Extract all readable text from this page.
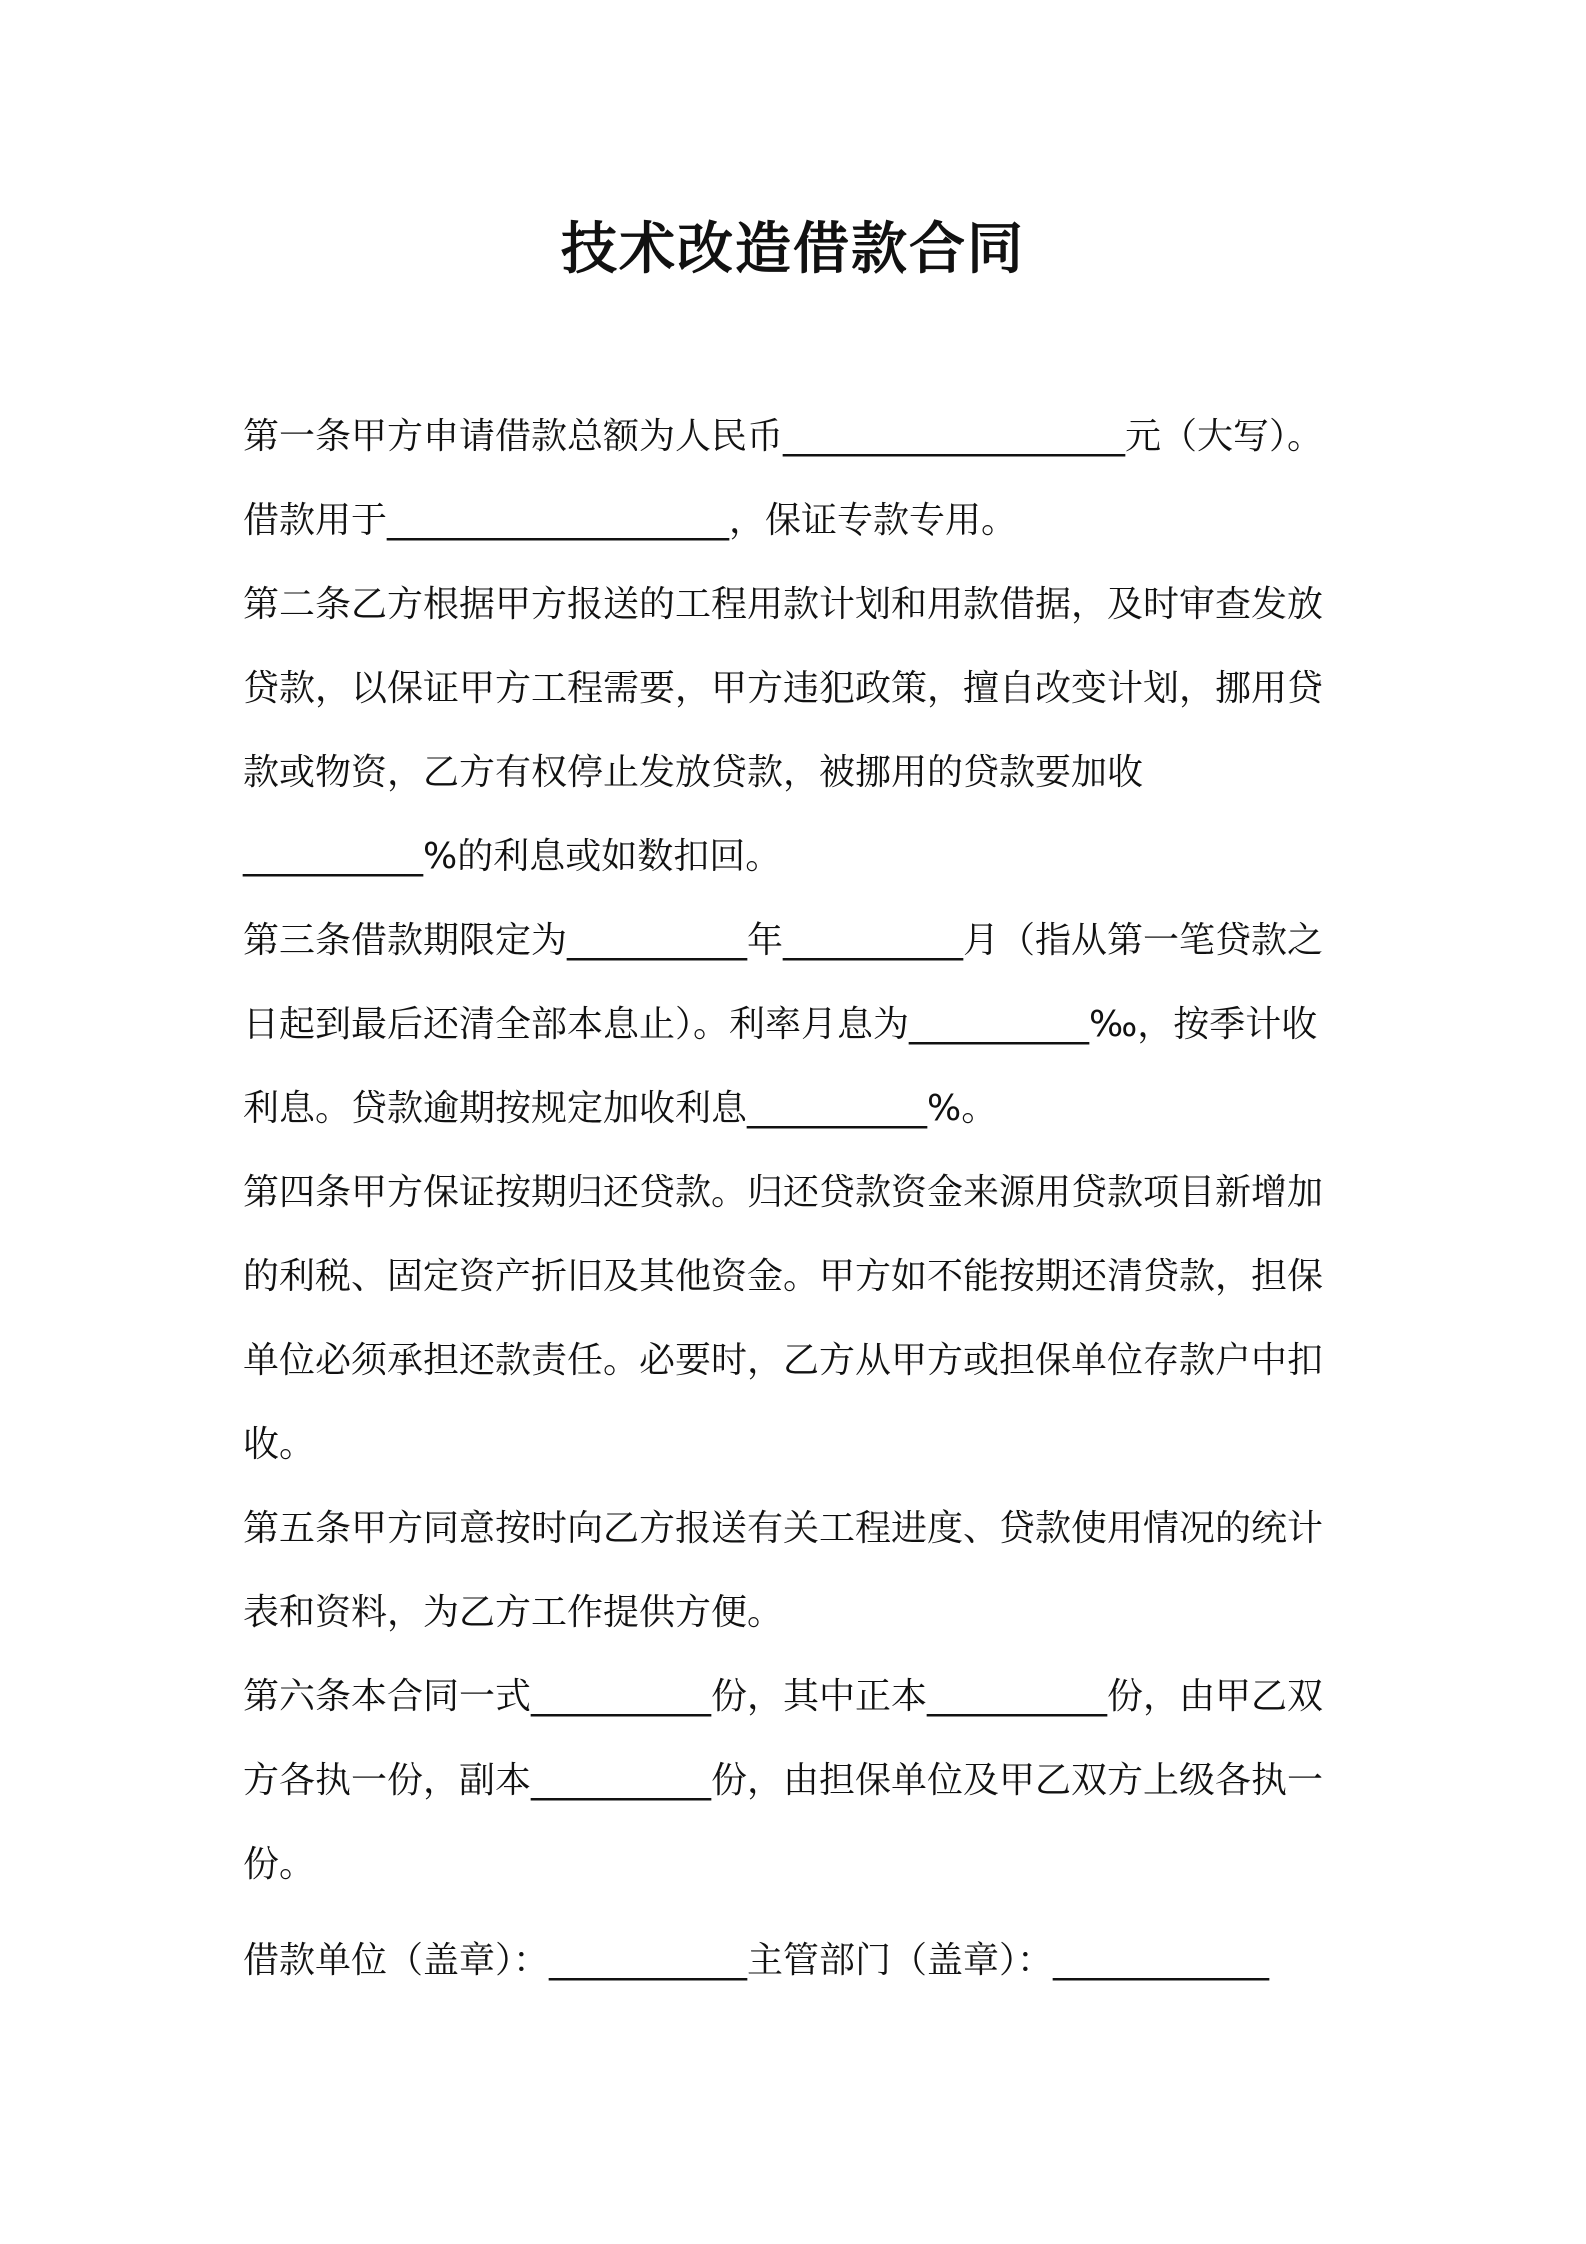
技术改造借款合同
第一条甲方申请借款总额为人民币___________________元（大写）。
借款用于___________________，保证专款专用。
第二条乙方根据甲方报送的工程用款计划和用款借据，及时审查发放
贷款，以保证甲方工程需要，甲方违犯政策，擅自改变计划，挪用贷
款或物资，乙方有权停止发放贷款，被挪用的贷款要加收
__________%的利息或如数扣回。
第三条借款期限定为__________年__________月（指从第一笔贷款之
日起到最后还清全部本息止）。利率月息为__________‰，按季计收
利息。贷款逾期按规定加收利息__________%。
第四条甲方保证按期归还贷款。归还贷款资金来源用贷款项目新增加
的利税、固定资产折旧及其他资金。甲方如不能按期还清贷款，担保
单位必须承担还款责任。必要时，乙方从甲方或担保单位存款户中扣
收。
第五条甲方同意按时向乙方报送有关工程进度、贷款使用情况的统计
表和资料，为乙方工作提供方便。
第六条本合同一式__________份，其中正本__________份，由甲乙双
方各执一份，副本__________份，由担保单位及甲乙双方上级各执一
份。
借款单位（盖章）：___________主管部门（盖章）：____________
